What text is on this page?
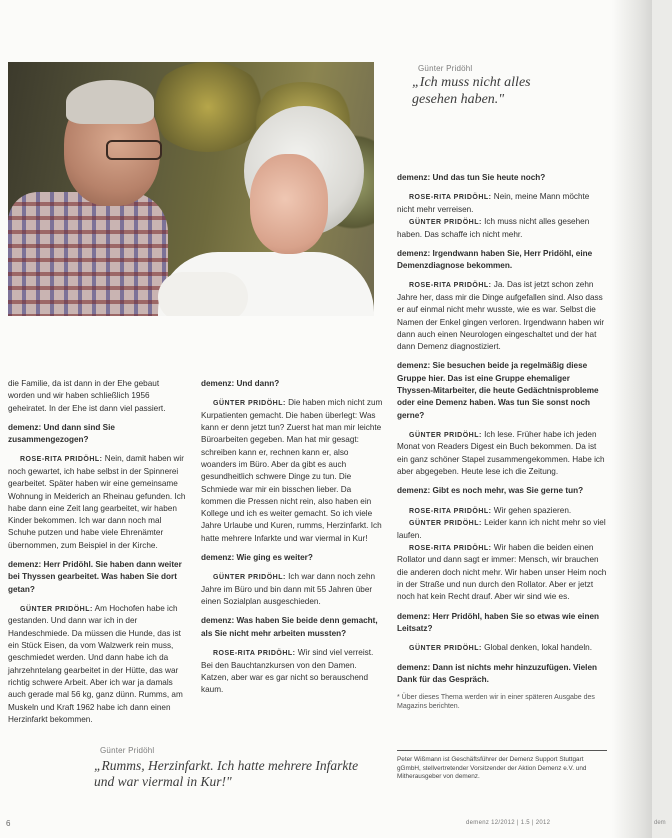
Günter Pridöhl
„Ich muss nicht alles gesehen haben."

die Familie, da ist dann in der Ehe gebaut worden und wir haben schließlich 1956 geheiratet. In der Ehe ist dann viel passiert.

demenz: Und dann sind Sie zusammengezogen?

ROSE-RITA PRIDÖHL: Nein, damit haben wir noch gewartet, ich habe selbst in der Spinnerei gearbeitet. Später haben wir eine gemeinsame Wohnung in Meiderich an Rheinau gefunden. Ich habe dann eine Zeit lang gearbeitet, wir haben Kinder bekommen. Ich war dann noch mal Schuhe putzen und habe viele Ehrenämter übernommen, zum Beispiel in der Kirche.

demenz: Herr Pridöhl. Sie haben dann weiter bei Thyssen gearbeitet. Was haben Sie dort getan?

GÜNTER PRIDÖHL: Am Hochofen habe ich gestanden. Und dann war ich in der Handeschmiede. Da müssen die Hunde, das ist ein Stück Eisen, da vom Walzwerk rein muss, geschmiedet werden. Und dann habe ich da jahrzehntelang gearbeitet in der Hütte, das war richtig schwere Arbeit. Aber ich war ja damals auch gerade mal 56 kg, ganz dünn. Rumms, am Muskeln und Kraft 1962 habe ich dann einen Herzinfarkt bekommen.

demenz: Und dann?

GÜNTER PRIDÖHL: Die haben mich nicht zum Kurpatienten gemacht. Die haben überlegt: Was kann er denn jetzt tun? Zuerst hat man mir leichte Büroarbeiten gegeben. Man hat mir gesagt: schreiben kann er, rechnen kann er, also woanders im Büro. Aber da gibt es auch gesundheitlich schwere Dinge zu tun. Die Schmiede war mir ein bisschen lieber. Da kommen die Pressen nicht rein, also haben ein Kollege und ich es weiter gemacht. So ich viele Jahre Urlaube und Kuren, rumms, Herzinfarkt. Ich hatte mehrere Infarkte und war viermal in Kur!

demenz: Wie ging es weiter?

GÜNTER PRIDÖHL: Ich war dann noch zehn Jahre im Büro und bin dann mit 55 Jahren über einen Sozialplan ausgeschieden.

demenz: Was haben Sie beide denn gemacht, als Sie nicht mehr arbeiten mussten?

ROSE-RITA PRIDÖHL: Wir sind viel verreist. Bei den Bauchtanzkursen von den Damen. Katzen, aber war es gar nicht so berauschend kaum.

Günter Pridöhl
„Rumms, Herzinfarkt. Ich hatte mehrere Infarkte und war viermal in Kur!"

demenz: Und das tun Sie heute noch?

ROSE-RITA PRIDÖHL: Nein, meine Mann möchte nicht mehr verreisen.

GÜNTER PRIDÖHL: Ich muss nicht alles gesehen haben. Das schaffe ich nicht mehr.

demenz: Irgendwann haben Sie, Herr Pridöhl, eine Demenzdiagnose bekommen.

ROSE-RITA PRIDÖHL: Ja. Das ist jetzt schon zehn Jahre her, dass mir die Dinge aufgefallen sind. Also dass er auf einmal nicht mehr wusste, wie es war. Selbst die Namen der Enkel gingen verloren. Irgendwann haben wir dann auch einen Neurologen eingeschaltet und der hat dann Demenz diagnostiziert.

demenz: Sie besuchen beide ja regelmäßig diese Gruppe hier. Das ist eine Gruppe ehemaliger Thyssen-Mitarbeiter, die heute Gedächtnisprobleme oder eine Demenz haben. Was tun Sie sonst noch gerne?

GÜNTER PRIDÖHL: Ich lese. Früher habe ich jeden Monat von Readers Digest ein Buch bekommen. Da ist ein ganz schöner Stapel zusammengekommen. Habe ich aber abgegeben. Heute lese ich die Zeitung.

demenz: Gibt es noch mehr, was Sie gerne tun?

ROSE-RITA PRIDÖHL: Wir gehen spazieren.

GÜNTER PRIDÖHL: Leider kann ich nicht mehr so viel laufen.

ROSE-RITA PRIDÖHL: Wir haben die beiden einen Rollator und dann sagt er immer: Mensch, wir brauchen die anderen doch nicht mehr. Wir haben unser Heim noch in der Straße und nun durch den Rollator. Aber er jetzt noch hat kein Recht drauf. Aber wir sind wie es.

demenz: Herr Pridöhl, haben Sie so etwas wie einen Leitsatz?

GÜNTER PRIDÖHL: Global denken, lokal handeln.

demenz: Dann ist nichts mehr hinzuzufügen. Vielen Dank für das Gespräch.

* Über dieses Thema werden wir in einer späteren Ausgabe des Magazins berichten.

Peter Wißmann ist Geschäftsführer der Demenz Support Stuttgart gGmbH, stellvertretender Vorsitzender der Aktion Demenz e.V. und Mitherausgeber von demenz.
6	demenz 12/2012 | 1.5 | 2012	dem
